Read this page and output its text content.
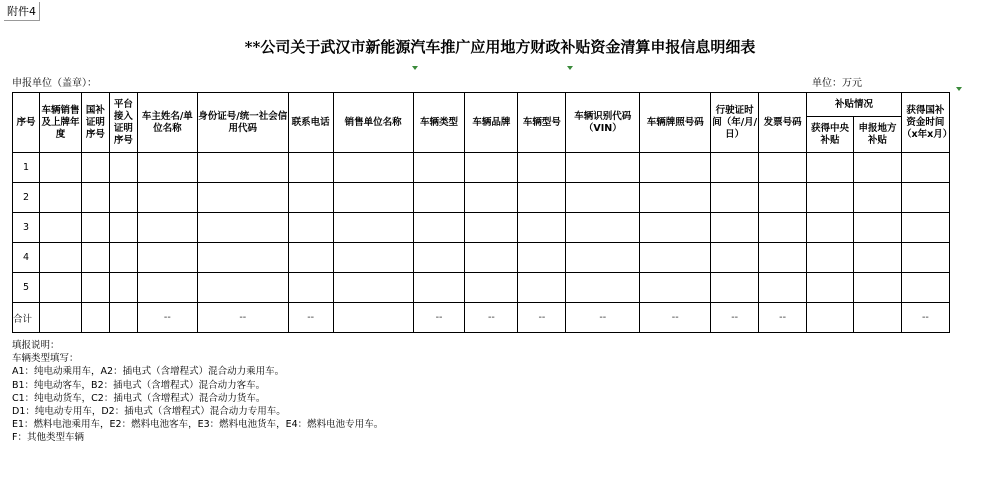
附件4
**公司关于武汉市新能源汽车推广应用地方财政补贴资金清算申报信息明细表
申报单位（盖章）：	单位：万元
序号	车辆销售及上牌年度	国补证明序号	平台接入证明序号	车主姓名/单位名称	身份证号/统一社会信用代码	联系电话	销售单位名称	车辆类型	车辆品牌	车辆型号	车辆识别代码（VIN）	车辆牌照号码	行驶证时间（年/月/日）	发票号码	补贴情况		获得国补资金时间（x年x月）
															获得中央补贴	申报地方补贴	
1																	
2																	
3																	
4																	
5																	
合计				--	--	--		--	--	--	--	--	--	--			--
填报说明：
车辆类型填写：
A1：纯电动乘用车，A2：插电式（含增程式）混合动力乘用车。
B1：纯电动客车，B2：插电式（含增程式）混合动力客车。
C1：纯电动货车，C2：插电式（含增程式）混合动力货车。
D1：纯电动专用车，D2：插电式（含增程式）混合动力专用车。
E1：燃料电池乘用车，E2：燃料电池客车，E3：燃料电池货车，E4：燃料电池专用车。
F：其他类型车辆
